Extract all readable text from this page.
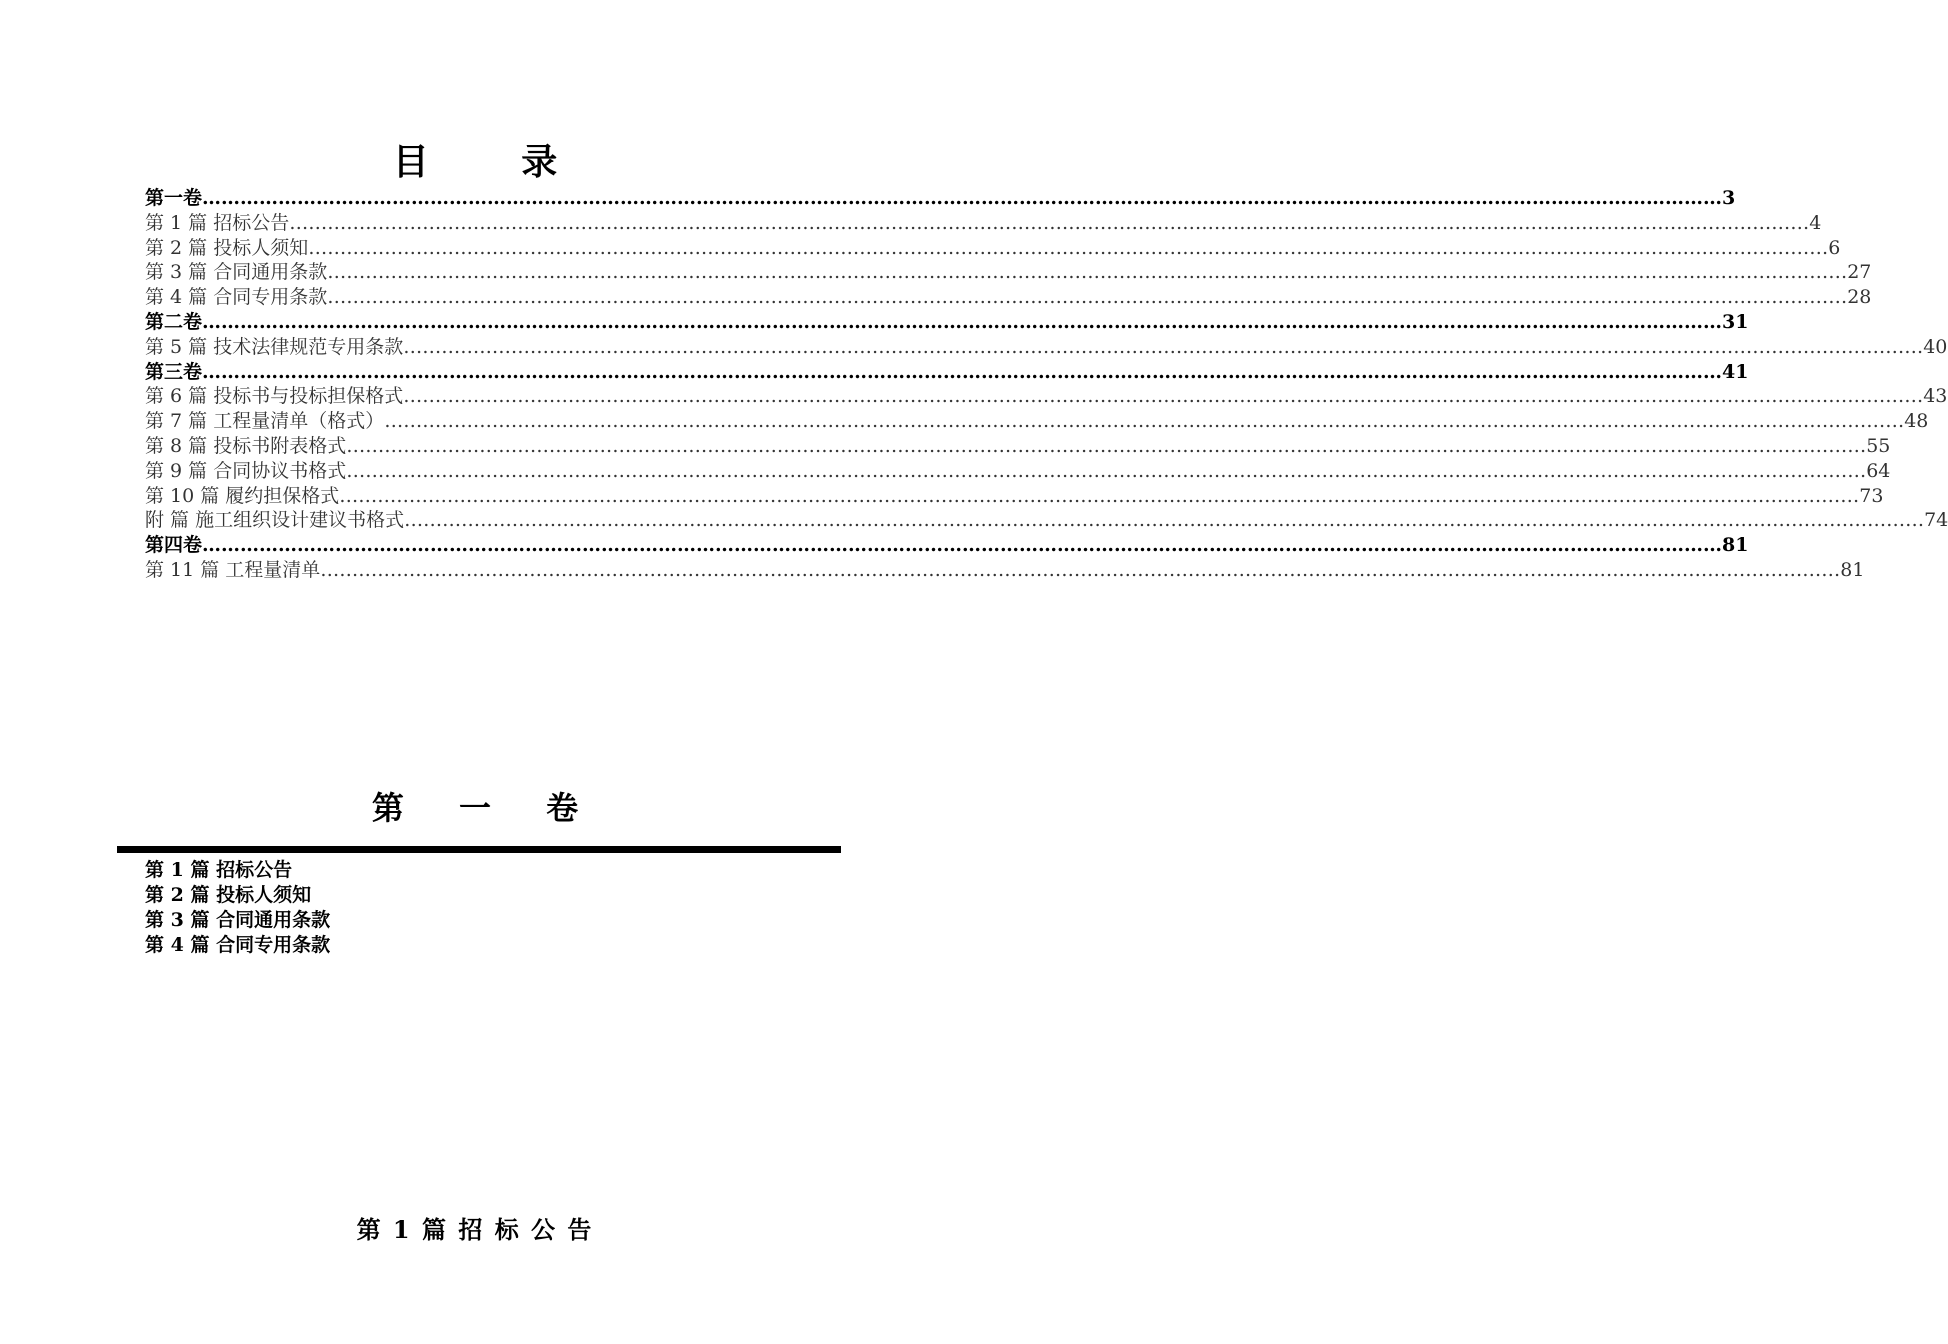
目 录
第一卷 …………………………………………………………………………………………………………………………………………………………………………………………………………………… 3
第 1 篇 招标公告 …………………………………………………………………………………………………………………………………………………………………………………………………………………… 4
第 2 篇 投标人须知 …………………………………………………………………………………………………………………………………………………………………………………………………………………… 6
第 3 篇 合同通用条款 …………………………………………………………………………………………………………………………………………………………………………………………………………………… 27
第 4 篇 合同专用条款 …………………………………………………………………………………………………………………………………………………………………………………………………………………… 28
第二卷 …………………………………………………………………………………………………………………………………………………………………………………………………………………… 31
第 5 篇 技术法律规范专用条款 …………………………………………………………………………………………………………………………………………………………………………………………………………………… 40
第三卷 …………………………………………………………………………………………………………………………………………………………………………………………………………………… 41
第 6 篇 投标书与投标担保格式 …………………………………………………………………………………………………………………………………………………………………………………………………………………… 43
第 7 篇 工程量清单（格式） …………………………………………………………………………………………………………………………………………………………………………………………………………………… 48
第 8 篇 投标书附表格式 …………………………………………………………………………………………………………………………………………………………………………………………………………………… 55
第 9 篇 合同协议书格式 …………………………………………………………………………………………………………………………………………………………………………………………………………………… 64
第 10 篇 履约担保格式 …………………………………………………………………………………………………………………………………………………………………………………………………………………… 73
附 篇 施工组织设计建议书格式 …………………………………………………………………………………………………………………………………………………………………………………………………………………… 74
第四卷 …………………………………………………………………………………………………………………………………………………………………………………………………………………… 81
第 11 篇 工程量清单 …………………………………………………………………………………………………………………………………………………………………………………………………………………… 81
第 一 卷
第 1 篇 招标公告
第 2 篇 投标人须知
第 3 篇 合同通用条款
第 4 篇 合同专用条款
第 1 篇 招 标 公 告
